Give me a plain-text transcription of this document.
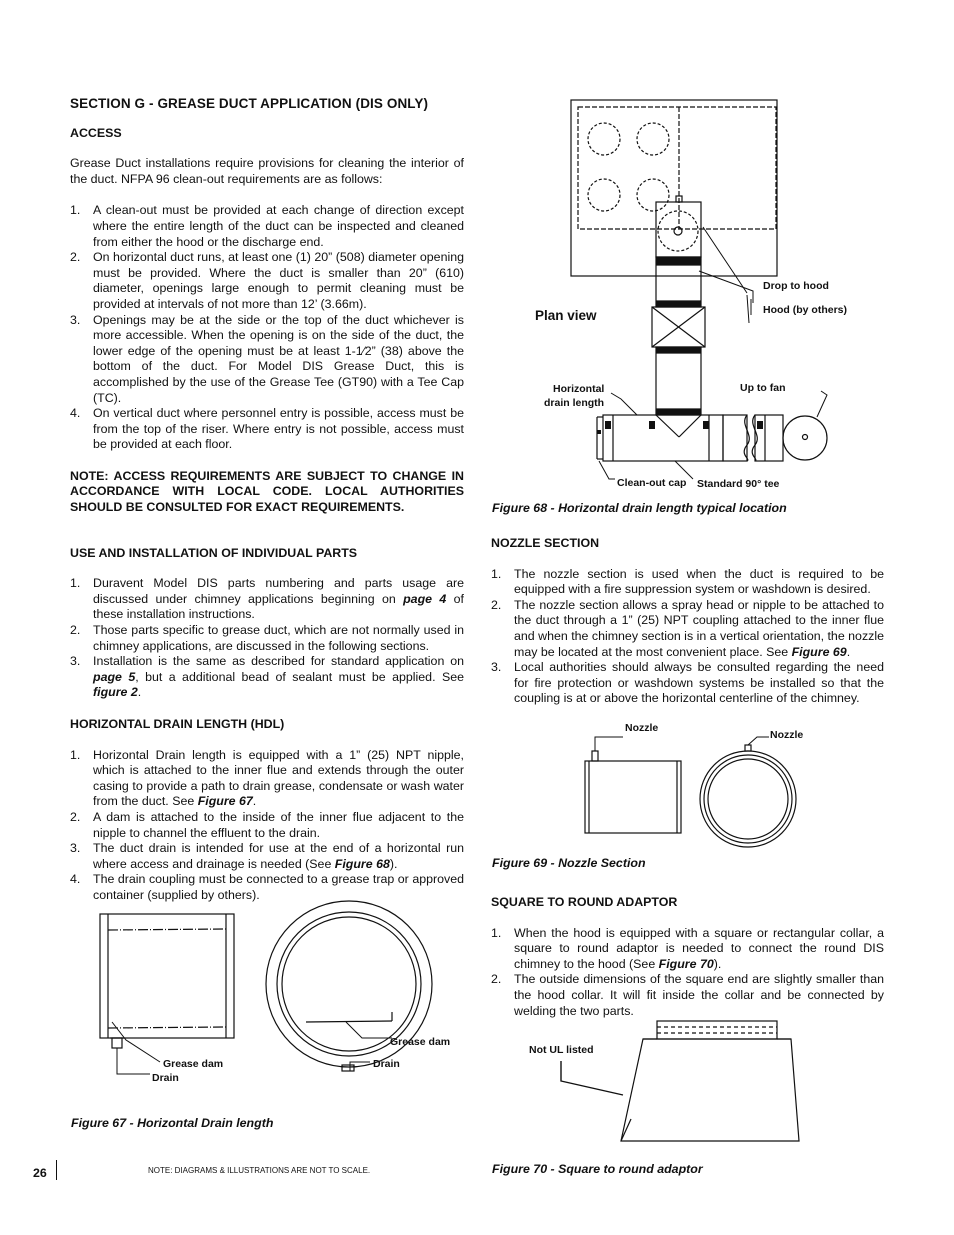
SECTION G - GREASE DUCT APPLICATION (DIS ONLY)
ACCESS

Grease Duct installations require provisions for cleaning the interior of the duct. NFPA 96 clean-out requirements are as follows:

1. A clean-out must be provided at each change of direction except where the entire length of the duct can be inspected and cleaned from either the hood or the discharge end.
2. On horizontal duct runs, at least one (1) 20” (508) diameter opening must be provided. Where the duct is smaller than 20” (610) diameter, openings large enough to permit cleaning must be provided at intervals of not more than 12’ (3.66m).
3. Openings may be at the side or the top of the duct whichever is more accessible. When the opening is on the side of the duct, the lower edge of the opening must be at least 1-1⁄2” (38) above the bottom of the duct. For Model DIS Grease Duct, this is accomplished by the use of the Grease Tee (GT90) with a Tee Cap (TC).
4. On vertical duct where personnel entry is possible, access must be from the top of the riser. Where entry is not possible, access must be provided at each floor.

NOTE: ACCESS REQUIREMENTS ARE SUBJECT TO CHANGE IN ACCORDANCE WITH LOCAL CODE. LOCAL AUTHORITIES SHOULD BE CONSULTED FOR EXACT REQUIREMENTS.

USE AND INSTALLATION OF INDIVIDUAL PARTS
1. Duravent Model DIS parts numbering and parts usage are discussed under chimney applications beginning on page 4 of these installation instructions.
2. Those parts specific to grease duct, which are not normally used in chimney applications, are discussed in the following sections.
3. Installation is the same as described for standard application on page 5, but a additional bead of sealant must be applied. See figure 2.
HORIZONTAL DRAIN LENGTH (HDL)
1. Horizontal Drain length is equipped with a 1” (25) NPT nipple, which is attached to the inner flue and extends through the outer casing to provide a path to drain grease, condensate or wash water from the duct. See Figure 67.
2. A dam is attached to the inside of the inner flue adjacent to the nipple to channel the effluent to the drain.
3. The duct drain is intended for use at the end of a horizontal run where access and drainage is needed (See Figure 68).
4. The drain coupling must be connected to a grease trap or approved container (supplied by others).
Grease dam
Drain
Grease dam
Drain
Figure 67 - Horizontal Drain length
Plan view
Drop to hood
Hood (by others)
Horizontal
drain length
Up to fan
Clean-out cap Standard 90° tee
Figure 68 - Horizontal drain length typical location
NOZZLE SECTION
1. The nozzle section is used when the duct is required to be equipped with a fire suppression system or washdown is desired.
2. The nozzle section allows a spray head or nipple to be attached to the duct through a 1” (25) NPT coupling attached to the inner flue and when the chimney section is in a vertical orientation, the nozzle may be located at the most convenient place. See Figure 69.
3. Local authorities should always be consulted regarding the need for fire protection or washdown systems be installed so that the coupling is at or above the horizontal centerline of the chimney.
Nozzle
Nozzle
Figure 69 - Nozzle Section
SQUARE TO ROUND ADAPTOR
1. When the hood is equipped with a square or rectangular collar, a square to round adaptor is needed to connect the round DIS chimney to the hood (See Figure 70).
2. The outside dimensions of the square end are slightly smaller than the hood collar. It will fit inside the collar and be connected by welding the two parts.
Not UL listed
Figure 70 - Square to round adaptor
26	NOTE: DIAGRAMS & ILLUSTRATIONS ARE NOT TO SCALE.
